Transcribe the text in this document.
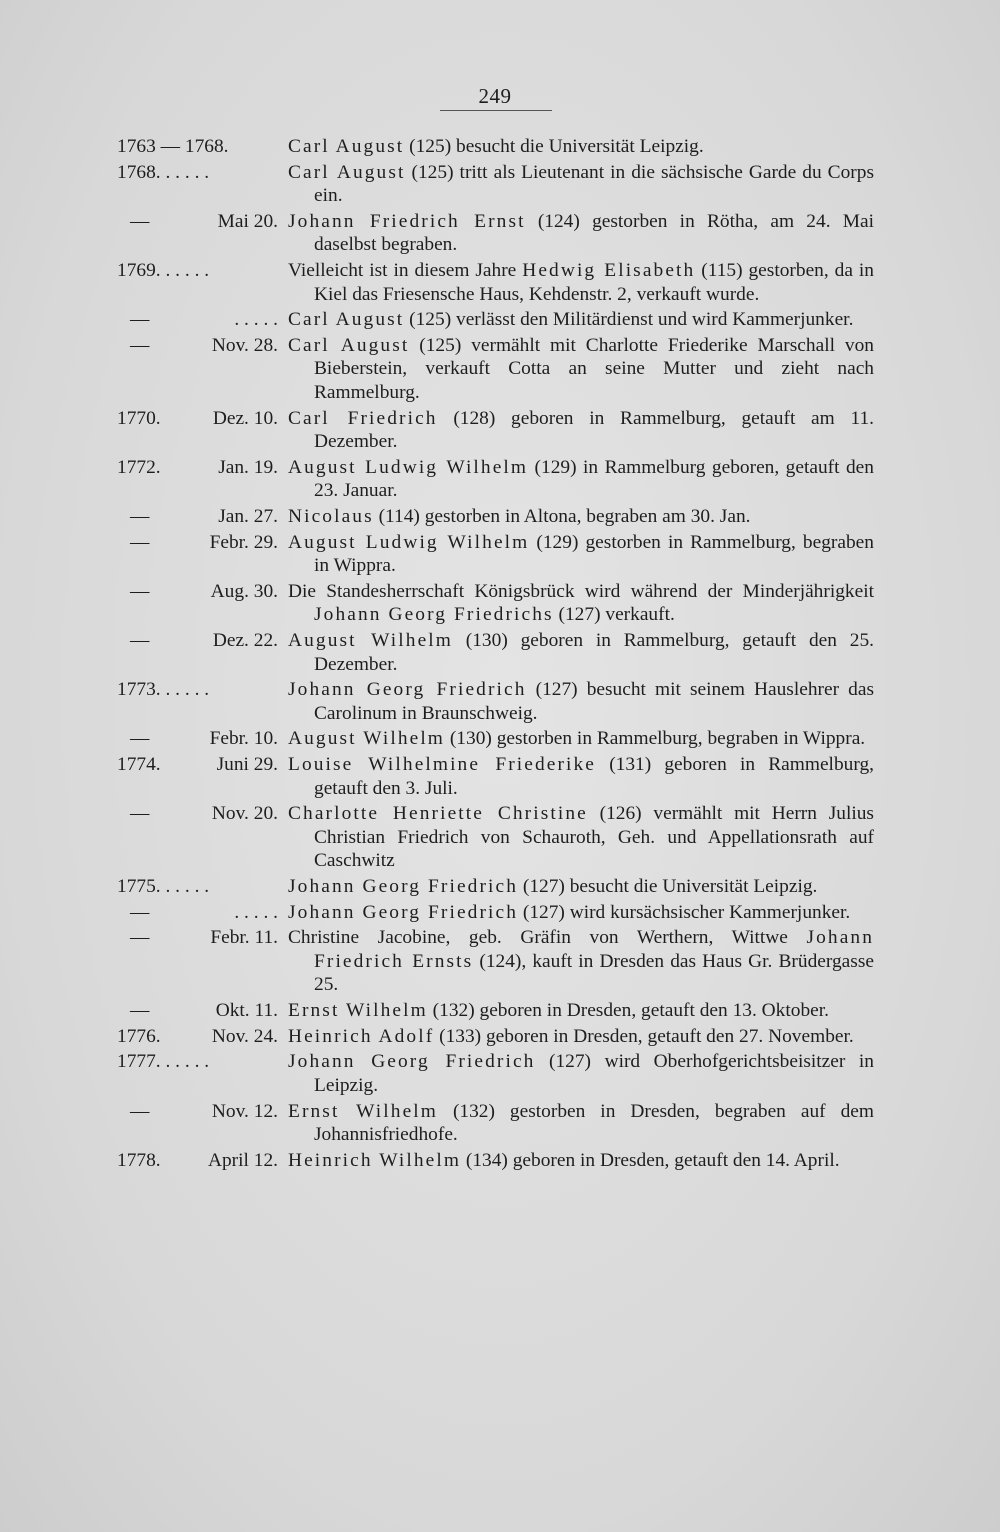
249
1763 — 1768.	Carl August (125) besucht die Universität Leipzig.
1768. . . . . .	Carl August (125) tritt als Lieutenant in die sächsische Garde du Corps ein.
—	Mai 20. Johann Friedrich Ernst (124) gestorben in Rötha, am 24. Mai daselbst begraben.
1769. . . . . .	Vielleicht ist in diesem Jahre Hedwig Elisabeth (115) gestorben, da in Kiel das Friesensche Haus, Kehdenstr. 2, verkauft wurde.
—	. . . . . Carl August (125) verlässt den Militärdienst und wird Kammerjunker.
—	Nov. 28. Carl August (125) vermählt mit Charlotte Friederike Marschall von Bieberstein, verkauft Cotta an seine Mutter und zieht nach Rammelburg.
1770.	Dez. 10. Carl Friedrich (128) geboren in Rammelburg, getauft am 11. Dezember.
1772.	Jan. 19. August Ludwig Wilhelm (129) in Rammelburg geboren, getauft den 23. Januar.
—	Jan. 27. Nicolaus (114) gestorben in Altona, begraben am 30. Jan.
—	Febr. 29. August Ludwig Wilhelm (129) gestorben in Rammelburg, begraben in Wippra.
—	Aug. 30. Die Standesherrschaft Königsbrück wird während der Minderjährigkeit Johann Georg Friedrichs (127) verkauft.
—	Dez. 22. August Wilhelm (130) geboren in Rammelburg, getauft den 25. Dezember.
1773. . . . . .	Johann Georg Friedrich (127) besucht mit seinem Hauslehrer das Carolinum in Braunschweig.
—	Febr. 10. August Wilhelm (130) gestorben in Rammelburg, begraben in Wippra.
1774.	Juni 29. Louise Wilhelmine Friederike (131) geboren in Rammelburg, getauft den 3. Juli.
—	Nov. 20. Charlotte Henriette Christine (126) vermählt mit Herrn Julius Christian Friedrich von Schauroth, Geh. und Appellationsrath auf Caschwitz
1775. . . . . .	Johann Georg Friedrich (127) besucht die Universität Leipzig.
—	. . . . . Johann Georg Friedrich (127) wird kursächsischer Kammerjunker.
—	Febr. 11. Christine Jacobine, geb. Gräfin von Werthern, Wittwe Johann Friedrich Ernsts (124), kauft in Dresden das Haus Gr. Brüdergasse 25.
—	Okt. 11. Ernst Wilhelm (132) geboren in Dresden, getauft den 13. Oktober.
1776.	Nov. 24. Heinrich Adolf (133) geboren in Dresden, getauft den 27. November.
1777. . . . . .	Johann Georg Friedrich (127) wird Oberhofgerichtsbeisitzer in Leipzig.
—	Nov. 12. Ernst Wilhelm (132) gestorben in Dresden, begraben auf dem Johannisfriedhofe.
1778. April 12. Heinrich Wilhelm (134) geboren in Dresden, getauft den 14. April.
